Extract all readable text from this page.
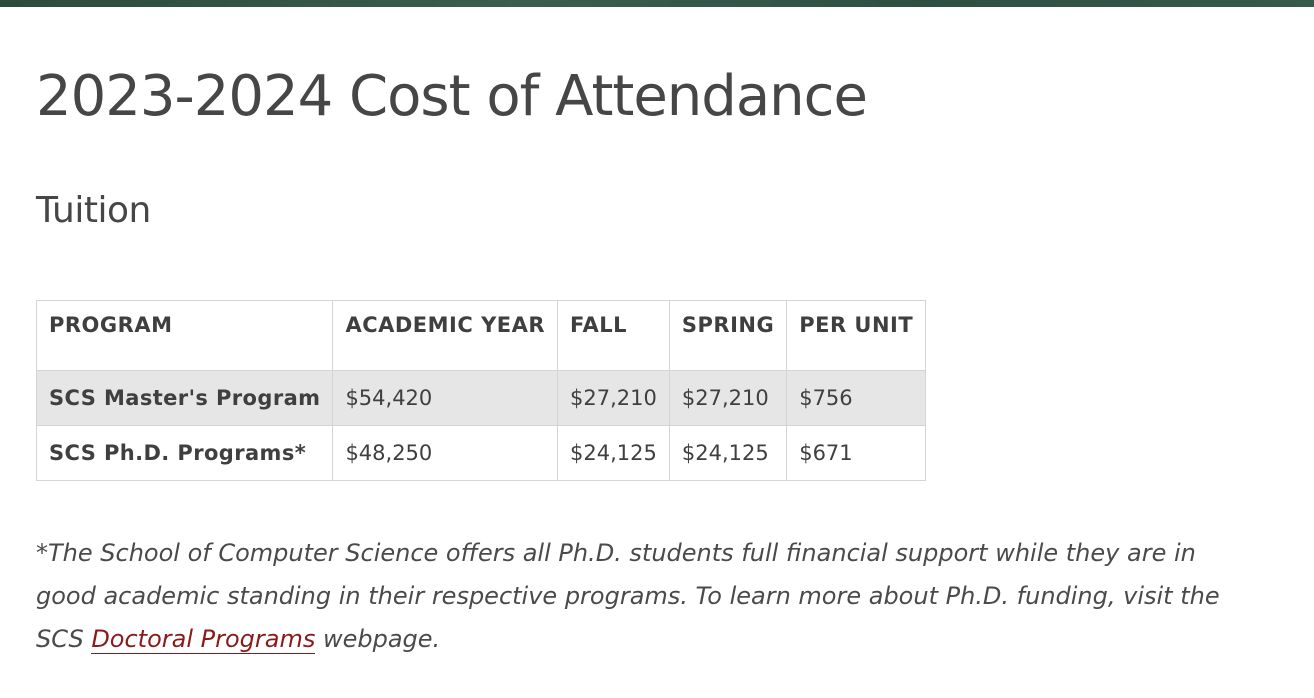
2023-2024 Cost of Attendance
Tuition
PROGRAM	ACADEMIC YEAR	FALL	SPRING	PER UNIT
SCS Master's Program	$54,420	$27,210	$27,210	$756
SCS Ph.D. Programs*	$48,250	$24,125	$24,125	$671

*The School of Computer Science offers all Ph.D. students full financial support while they are in good academic standing in their respective programs. To learn more about Ph.D. funding, visit the SCS Doctoral Programs webpage.
